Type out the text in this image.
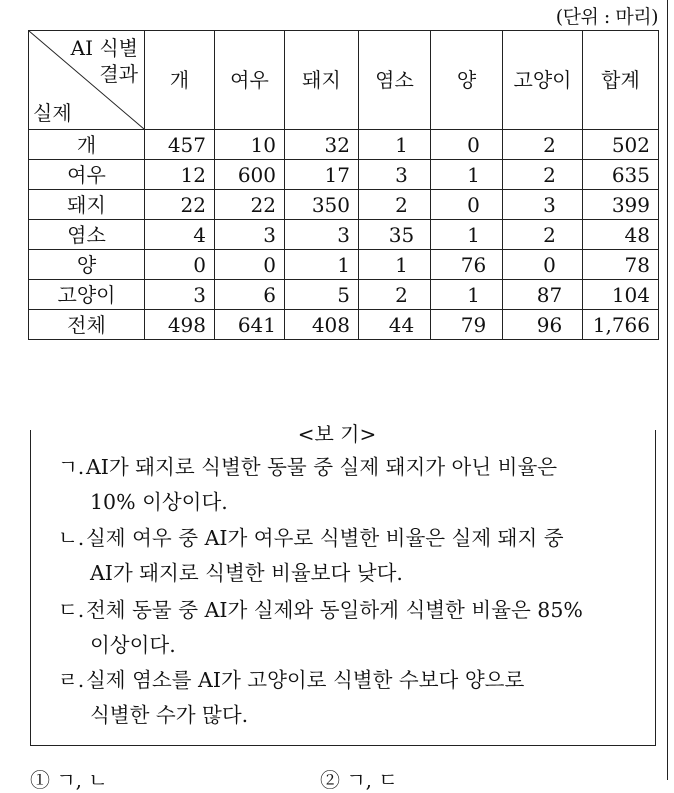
(단위 : 마리)
AI 식별
결과
실제	개	여우	돼지	염소	양	고양이	합계
개	457	10	32	1	0	2	502
여우	12	600	17	3	1	2	635
돼지	22	22	350	2	0	3	399
염소	4	3	3	35	1	2	48
양	0	0	1	1	76	0	78
고양이	3	6	5	2	1	87	104
전체	498	641	408	44	79	96	1,766
<보 기>
ㄱ. AI가 돼지로 식별한 동물 중 실제 돼지가 아닌 비율은
10% 이상이다.
ㄴ. 실제 여우 중 AI가 여우로 식별한 비율은 실제 돼지 중
AI가 돼지로 식별한 비율보다 낮다.
ㄷ. 전체 동물 중 AI가 실제와 동일하게 식별한 비율은 85%
이상이다.
ㄹ. 실제 염소를 AI가 고양이로 식별한 수보다 양으로
식별한 수가 많다.
① ㄱ, ㄴ	② ㄱ, ㄷ
